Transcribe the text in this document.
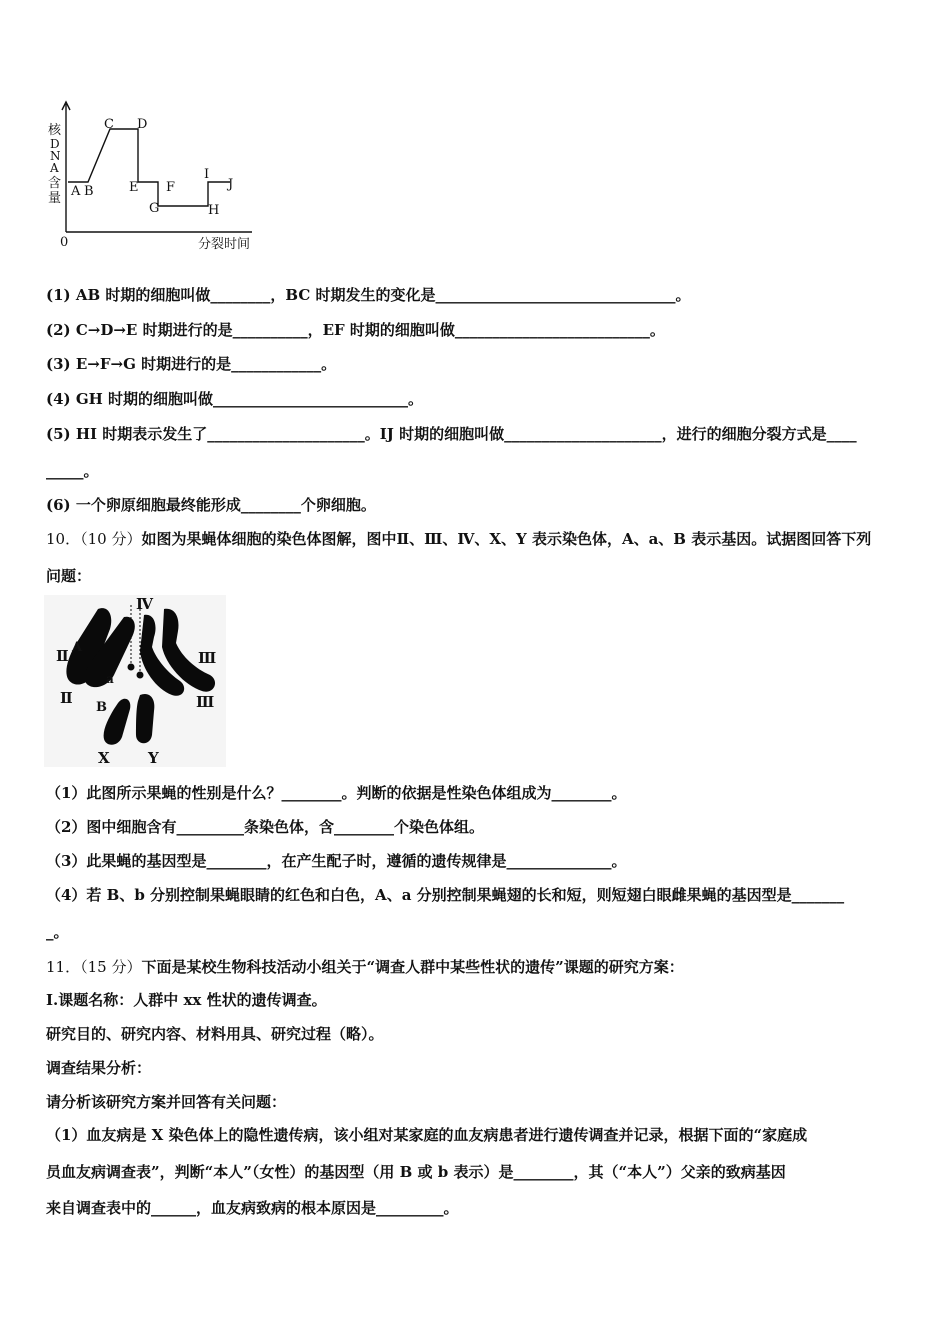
核
D
N
A
含
量
0	分裂时间
A B
C D
E F
G	H
I
J
(1) AB 时期的细胞叫做________，BC 时期发生的变化是________________________________。
(2) C→D→E 时期进行的是__________，EF 时期的细胞叫做__________________________。
(3) E→F→G 时期进行的是____________。
(4) GH 时期的细胞叫做__________________________。
(5) HI 时期表示发生了_____________________。IJ 时期的细胞叫做_____________________，进行的细胞分裂方式是____
_____。
(6) 一个卵原细胞最终能形成________个卵细胞。
10．（10 分）如图为果蝇体细胞的染色体图解，图中Ⅱ、Ⅲ、Ⅳ、X、Y 表示染色体，A、a、B 表示基因。试据图回答下列
问题：
Ⅳ
Ⅱ A
a
Ⅱ
Ⅲ
Ⅲ
B
X	Y
（1）此图所示果蝇的性别是什么？________。判断的依据是性染色体组成为________。
（2）图中细胞含有_________条染色体，含________个染色体组。
（3）此果蝇的基因型是________，在产生配子时，遵循的遗传规律是______________。
（4）若 B、b 分别控制果蝇眼睛的红色和白色，A、a 分别控制果蝇翅的长和短，则短翅白眼雌果蝇的基因型是_______
_。
11．（15 分）下面是某校生物科技活动小组关于“调查人群中某些性状的遗传”课题的研究方案：
I.课题名称：人群中 xx 性状的遗传调查。
研究目的、研究内容、材料用具、研究过程（略）。
调查结果分析：
请分析该研究方案并回答有关问题：
（1）血友病是 X 染色体上的隐性遗传病，该小组对某家庭的血友病患者进行遗传调查并记录，根据下面的“家庭成
员血友病调查表”，判断“本人”（女性）的基因型（用 B 或 b 表示）是________，其（“本人”）父亲的致病基因
来自调查表中的______，血友病致病的根本原因是_________。
